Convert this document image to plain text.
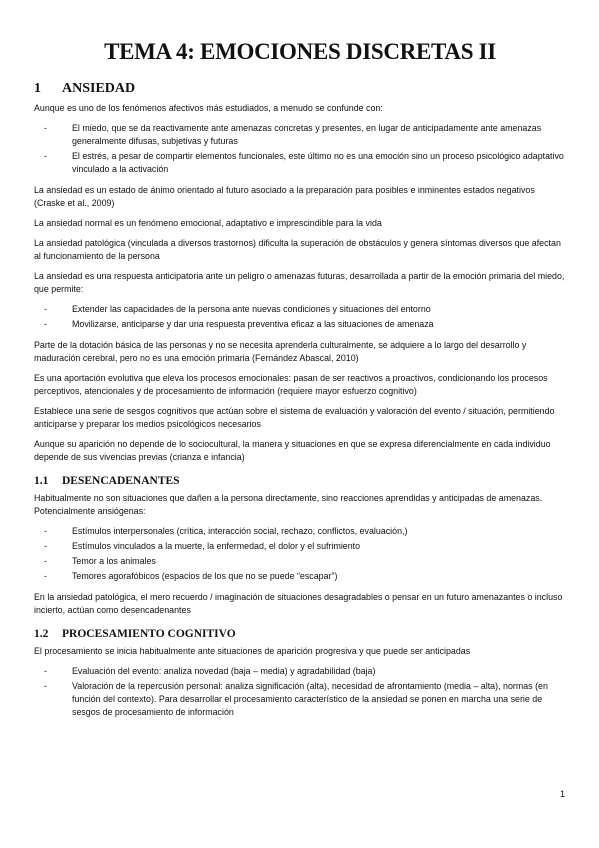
TEMA 4: EMOCIONES DISCRETAS II
1 ANSIEDAD

Aunque es uno de los fenómenos afectivos más estudiados, a menudo se confunde con:

- El miedo, que se da reactivamente ante amenazas concretas y presentes, en lugar de anticipadamente ante amenazas generalmente difusas, subjetivas y futuras
- El estrés, a pesar de compartir elementos funcionales, este último no es una emoción sino un proceso psicológico adaptativo vinculado a la activación

La ansiedad es un estado de ánimo orientado al futuro asociado a la preparación para posibles e inminentes estados negativos (Craske et al., 2009)

La ansiedad normal es un fenómeno emocional, adaptativo e imprescindible para la vida

La ansiedad patológica (vinculada a diversos trastornos) dificulta la superación de obstáculos y genera síntomas diversos que afectan al funcionamiento de la persona

La ansiedad es una respuesta anticipatoria ante un peligro o amenazas futuras, desarrollada a partir de la emoción primaria del miedo, que permite:

- Extender las capacidades de la persona ante nuevas condiciones y situaciones del entorno
- Movilizarse, anticiparse y dar una respuesta preventiva eficaz a las situaciones de amenaza

Parte de la dotación básica de las personas y no se necesita aprenderla culturalmente, se adquiere a lo largo del desarrollo y maduración cerebral, pero no es una emoción primaria (Fernández Abascal, 2010)

Es una aportación evolutiva que eleva los procesos emocionales: pasan de ser reactivos a proactivos, condicionando los procesos perceptivos, atencionales y de procesamiento de información (requiere mayor esfuerzo cognitivo)

Establece una serie de sesgos cognitivos que actúan sobre el sistema de evaluación y valoración del evento / situación, permitiendo anticiparse y preparar los medios psicológicos necesarios

Aunque su aparición no depende de lo sociocultural, la manera y situaciones en que se expresa diferencialmente en cada individuo depende de sus vivencias previas (crianza e infancia)

1.1 DESENCADENANTES

Habitualmente no son situaciones que dañen a la persona directamente, sino reacciones aprendidas y anticipadas de amenazas. Potencialmente ansiógenas:

- Estímulos interpersonales (crítica, interacción social, rechazo, conflictos, evaluación,)
- Estímulos vinculados a la muerte, la enfermedad, el dolor y el sufrimiento
- Temor a los animales
- Temores agorafóbicos (espacios de los que no se puede “escapar”)

En la ansiedad patológica, el mero recuerdo / imaginación de situaciones desagradables o pensar en un futuro amenazantes o incluso incierto, actúan como desencadenantes

1.2 PROCESAMIENTO COGNITIVO

El procesamiento se inicia habitualmente ante situaciones de aparición progresiva y que puede ser anticipadas

- Evaluación del evento: analiza novedad (baja – media) y agradabilidad (baja)
- Valoración de la repercusión personal: analiza significación (alta), necesidad de afrontamiento (media – alta), normas (en función del contexto). Para desarrollar el procesamiento característico de la ansiedad se ponen en marcha una serie de sesgos de procesamiento de información
1
